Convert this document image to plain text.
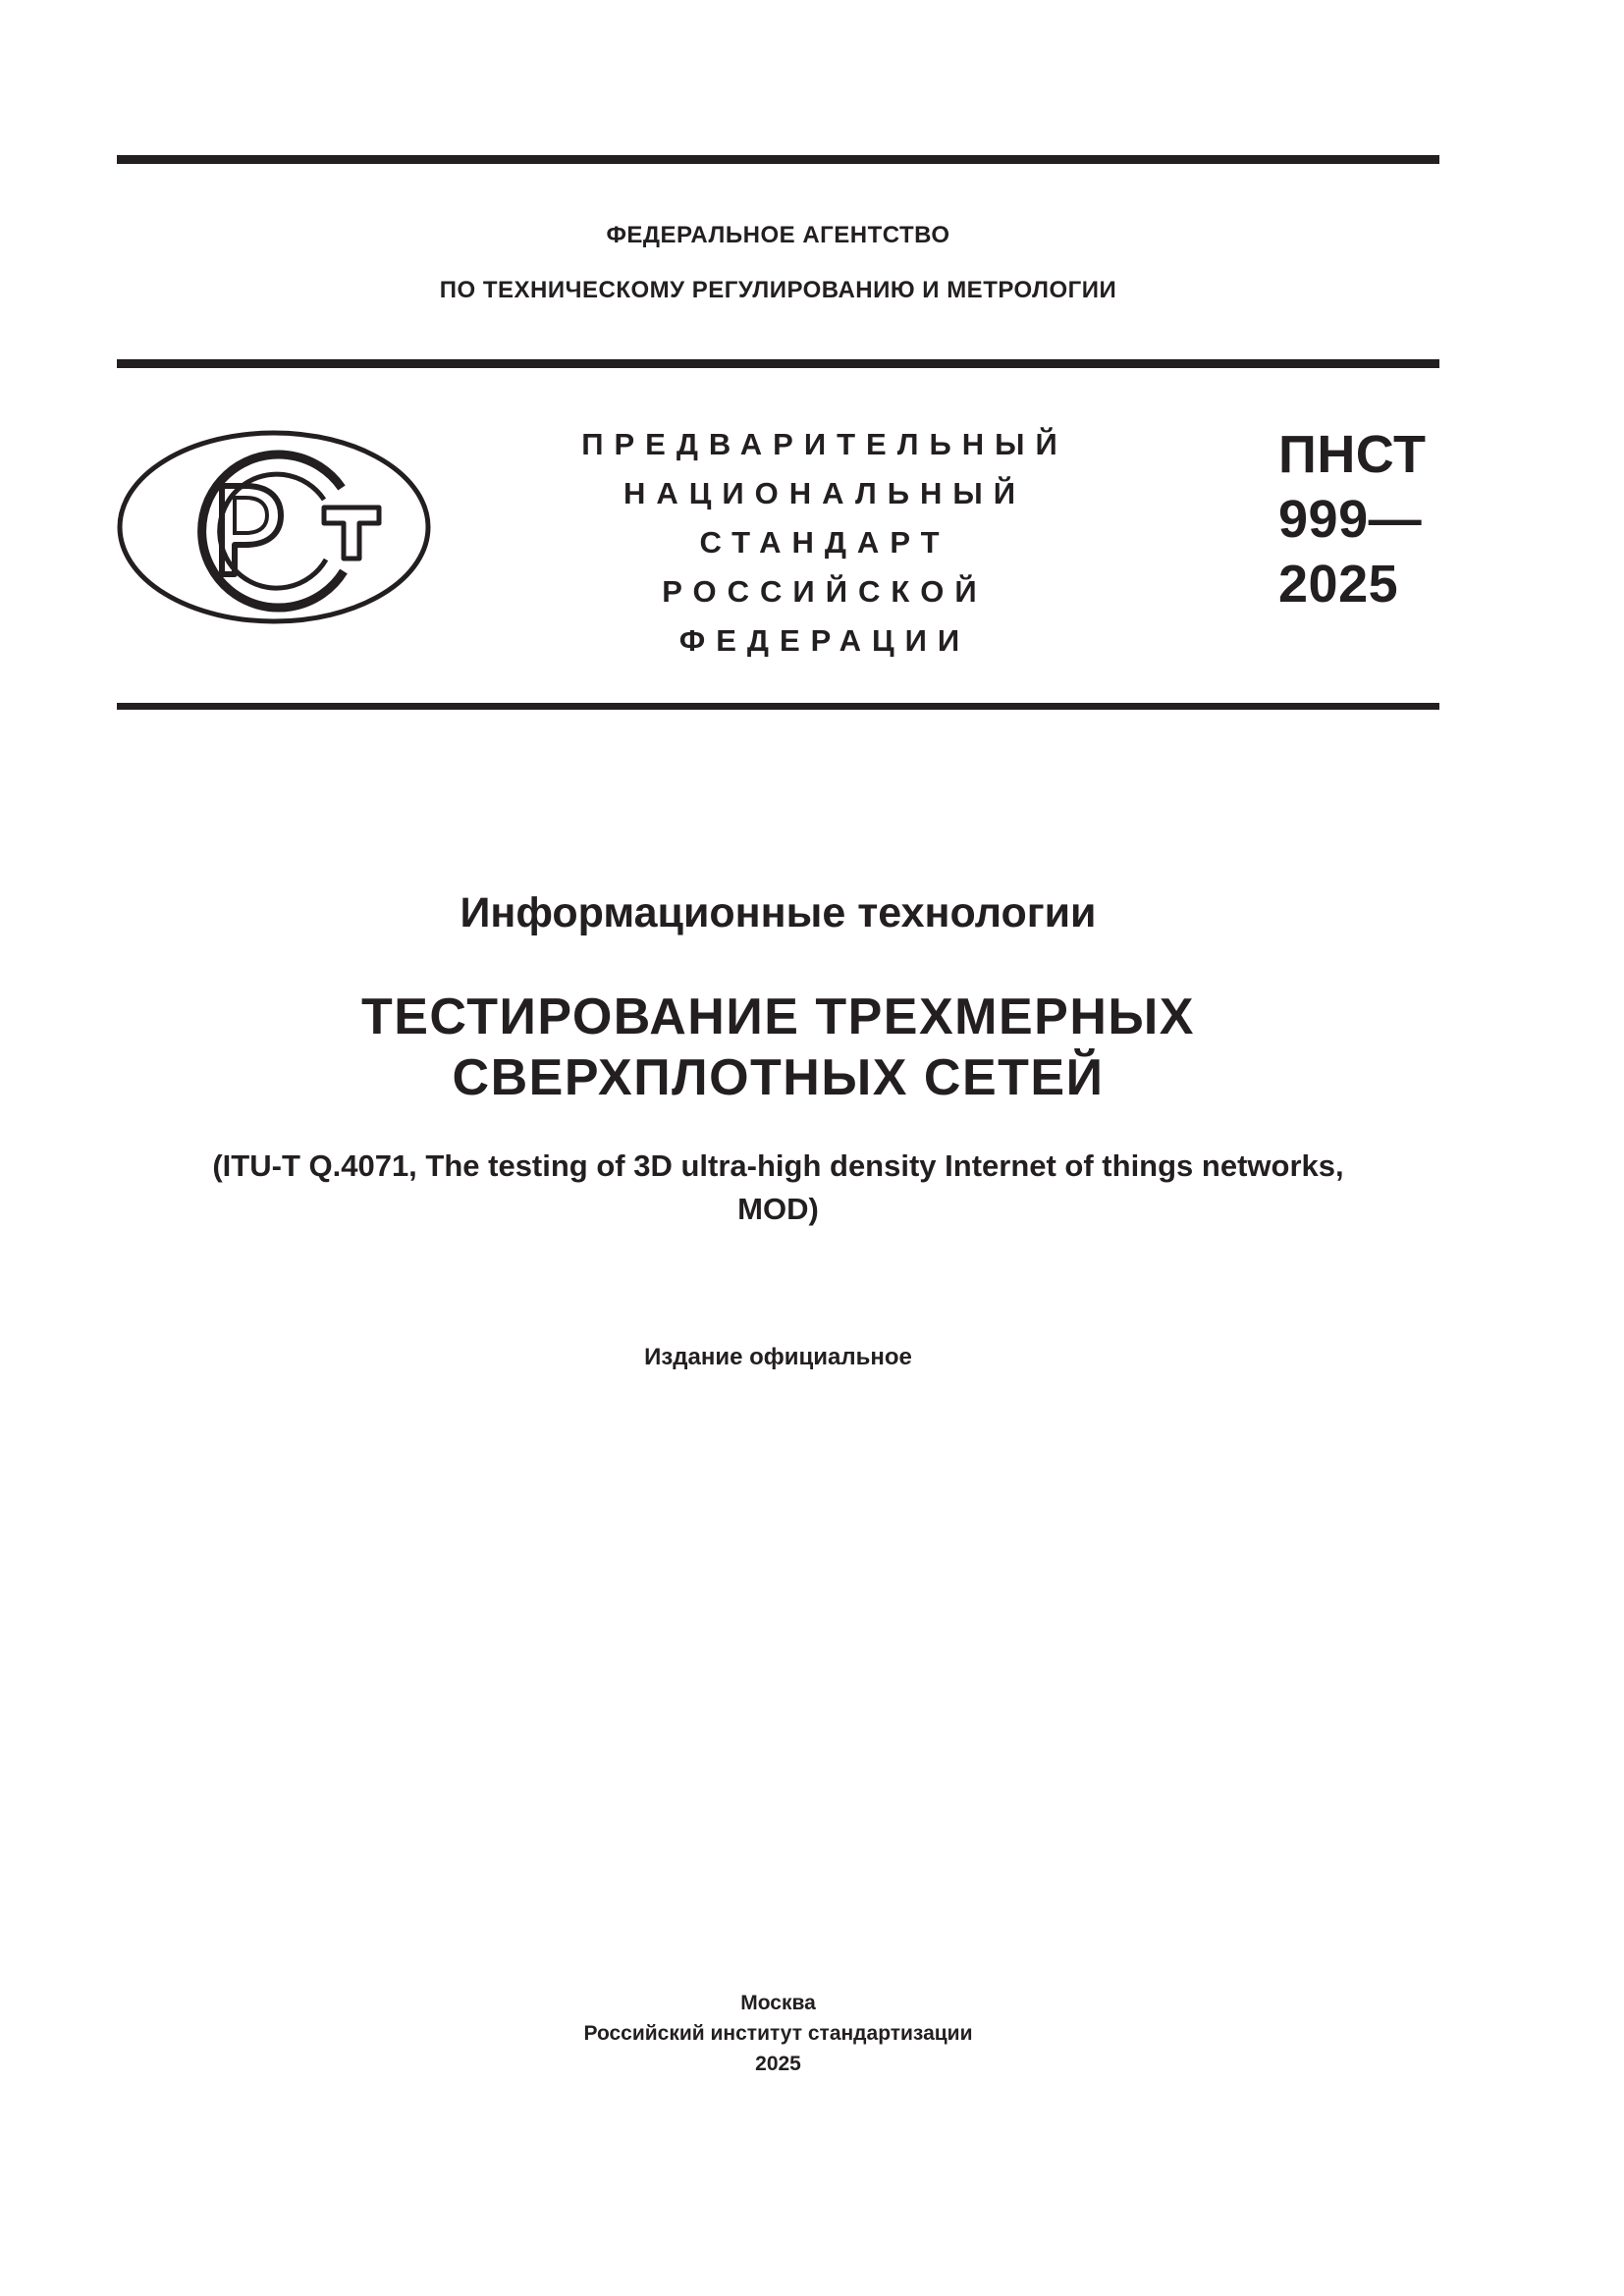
ФЕДЕРАЛЬНОЕ АГЕНТСТВО
ПО ТЕХНИЧЕСКОМУ РЕГУЛИРОВАНИЮ И МЕТРОЛОГИИ
ПРЕДВАРИТЕЛЬНЫЙ
НАЦИОНАЛЬНЫЙ
СТАНДАРТ
РОССИЙСКОЙ
ФЕДЕРАЦИИ
ПНСТ
999—
2025
Информационные технологии
ТЕСТИРОВАНИЕ ТРЕХМЕРНЫХ
СВЕРХПЛОТНЫХ СЕТЕЙ
(ITU-T Q.4071, The testing of 3D ultra-high density Internet of things networks,
MOD)
Издание официальное
Москва
Российский институт стандартизации
2025
